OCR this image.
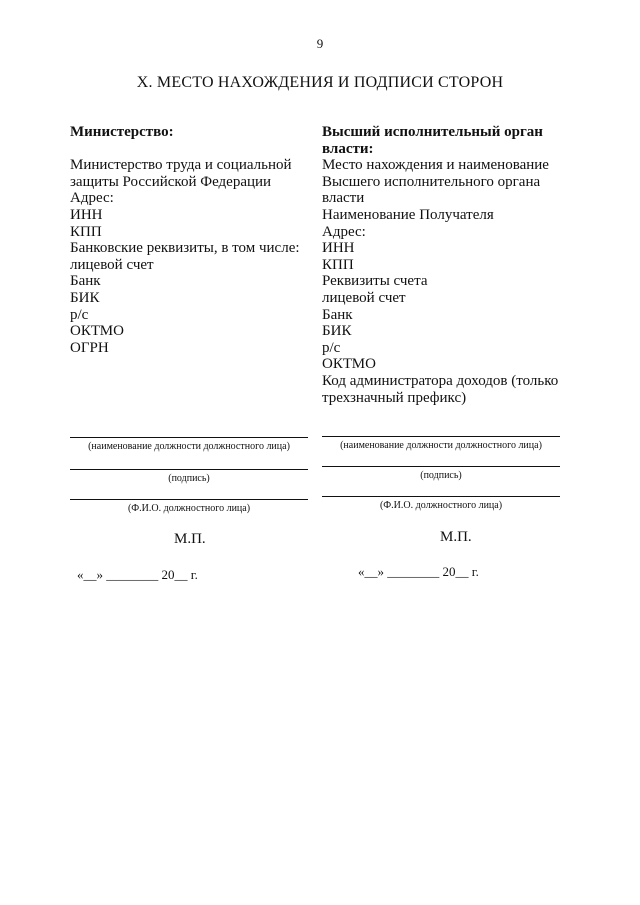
9
X. МЕСТО НАХОЖДЕНИЯ И ПОДПИСИ СТОРОН

Министерство:

Министерство труда и социальной

защиты Российской Федерации

Адрес:

ИНН

КПП

Банковские реквизиты, в том числе:

лицевой счет

Банк

БИК

р/с

ОКТМО

ОГРН

Высший исполнительный орган

власти:

Место нахождения и наименование

Высшего исполнительного органа

власти

Наименование Получателя

Адрес:

ИНН

КПП

Реквизиты счета

лицевой счет

Банк

БИК

р/с

ОКТМО

Код администратора доходов (только

трехзначный префикс)

(наименование должности должностного лица)
(подпись)
(Ф.И.О. должностного лица)
(наименование должности должностного лица)
(подпись)
(Ф.И.О. должностного лица)
М.П.	М.П.
«__» ________ 20__ г.	«__» ________ 20__ г.
